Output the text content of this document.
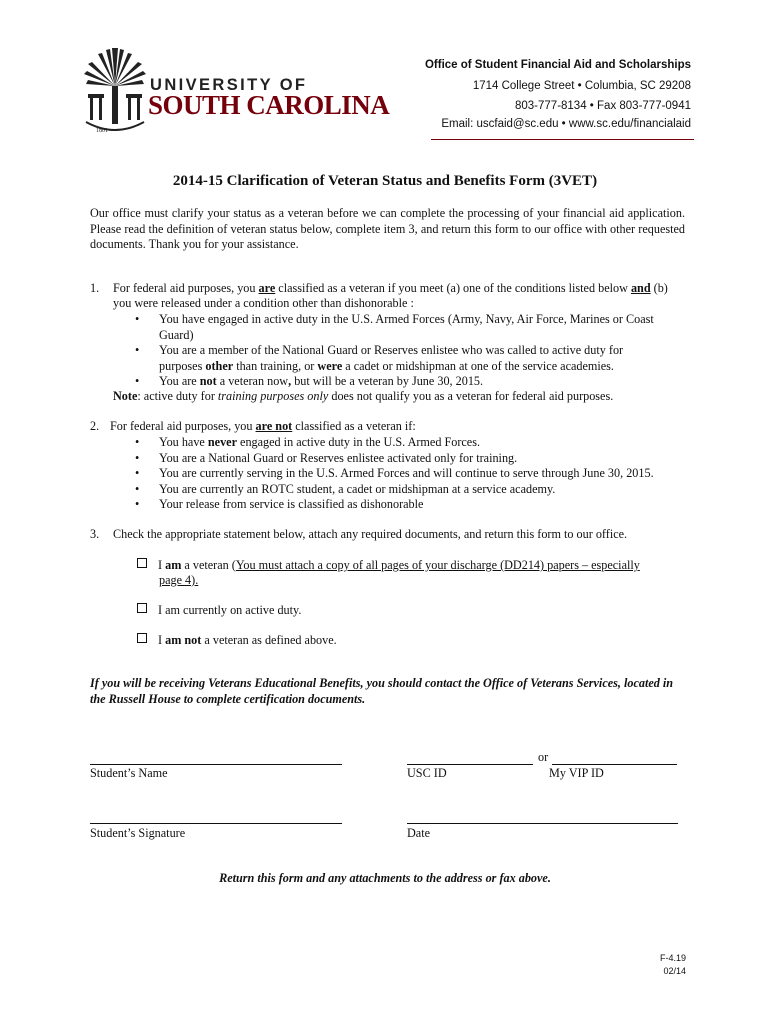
1801
UNIVERSITY OF
SOUTH CAROLINA
Office of Student Financial Aid and Scholarships
1714 College Street • Columbia, SC 29208
803-777-8134 • Fax 803-777-0941
Email: uscfaid@sc.edu • www.sc.edu/financialaid
2014-15 Clarification of Veteran Status and Benefits Form (3VET)
Our office must clarify your status as a veteran before we can complete the processing of your financial aid application. Please read the definition of veteran status below, complete item 3, and return this form to our office with other requested documents. Thank you for your assistance.
1. For federal aid purposes, you are classified as a veteran if you meet (a) one of the conditions listed below and (b)
you were released under a condition other than dishonorable :
• You have engaged in active duty in the U.S. Armed Forces (Army, Navy, Air Force, Marines or Coast Guard)
• You are a member of the National Guard or Reserves enlistee who was called to active duty for purposes other than training, or were a cadet or midshipman at one of the service academies.
• You are not a veteran now, but will be a veteran by June 30, 2015.
Note: active duty for training purposes only does not qualify you as a veteran for federal aid purposes.
2. For federal aid purposes, you are not classified as a veteran if:
• You have never engaged in active duty in the U.S. Armed Forces.
• You are a National Guard or Reserves enlistee activated only for training.
• You are currently serving in the U.S. Armed Forces and will continue to serve through June 30, 2015.
• You are currently an ROTC student, a cadet or midshipman at a service academy.
• Your release from service is classified as dishonorable
3. Check the appropriate statement below, attach any required documents, and return this form to our office.
I am a veteran (You must attach a copy of all pages of your discharge (DD214) papers – especially
page 4).
I am currently on active duty.
I am not a veteran as defined above.
If you will be receiving Veterans Educational Benefits, you should contact the Office of Veterans Services, located in the Russell House to complete certification documents.
or
Student’s Name	USC ID	My VIP ID
Student’s Signature	Date
Return this form and any attachments to the address or fax above.
F-4.19
02/14
